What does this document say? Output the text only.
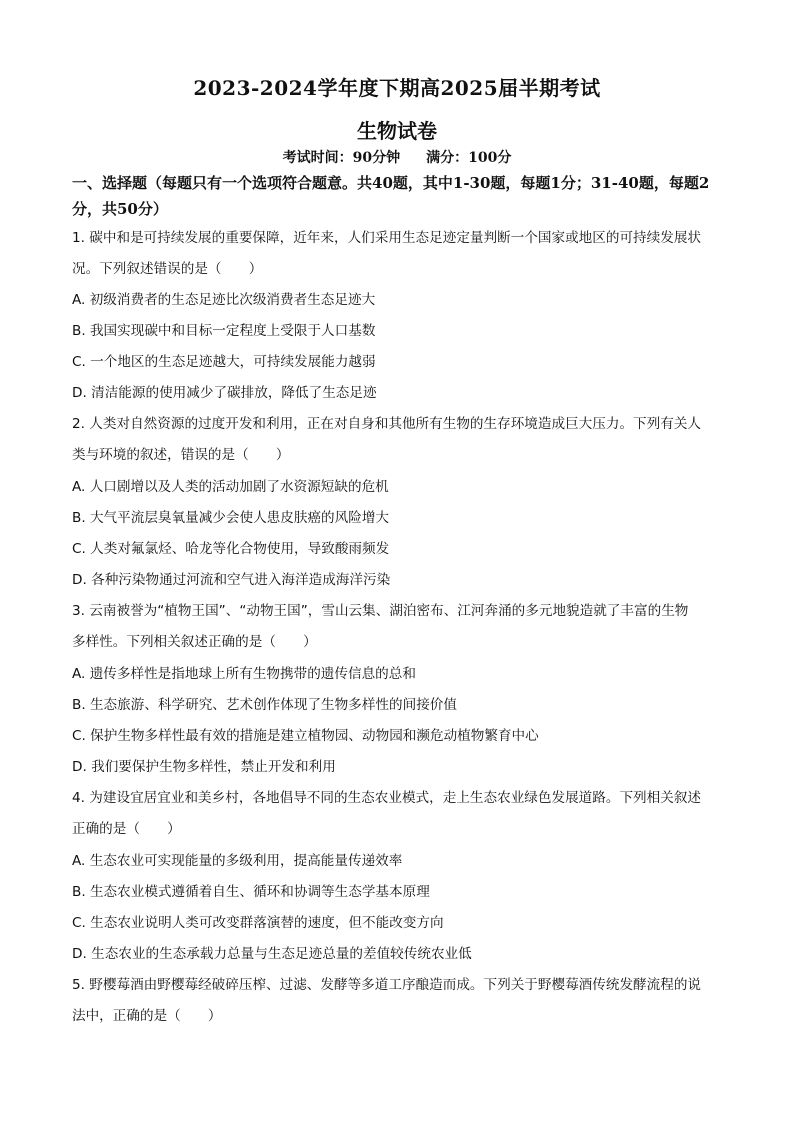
2023-2024学年度下期高2025届半期考试
生物试卷
考试时间：90分钟 满分：100分
一、选择题（每题只有一个选项符合题意。共40题，其中1-30题，每题1分；31-40题，每题2分，共50分）
1. 碳中和是可持续发展的重要保障，近年来，人们采用生态足迹定量判断一个国家或地区的可持续发展状
况。下列叙述错误的是（　　）
A. 初级消费者的生态足迹比次级消费者生态足迹大
B. 我国实现碳中和目标一定程度上受限于人口基数
C. 一个地区的生态足迹越大，可持续发展能力越弱
D. 清洁能源的使用减少了碳排放，降低了生态足迹
2. 人类对自然资源的过度开发和利用，正在对自身和其他所有生物的生存环境造成巨大压力。下列有关人
类与环境的叙述，错误的是（　　）
A. 人口剧增以及人类的活动加剧了水资源短缺的危机
B. 大气平流层臭氧量减少会使人患皮肤癌的风险增大
C. 人类对氟氯烃、哈龙等化合物使用，导致酸雨频发
D. 各种污染物通过河流和空气进入海洋造成海洋污染
3. 云南被誉为“植物王国”、“动物王国”，雪山云集、湖泊密布、江河奔涌的多元地貌造就了丰富的生物
多样性。下列相关叙述正确的是（　　）
A. 遗传多样性是指地球上所有生物携带的遗传信息的总和
B. 生态旅游、科学研究、艺术创作体现了生物多样性的间接价值
C. 保护生物多样性最有效的措施是建立植物园、动物园和濒危动植物繁育中心
D. 我们要保护生物多样性，禁止开发和利用
4. 为建设宜居宜业和美乡村，各地倡导不同的生态农业模式，走上生态农业绿色发展道路。下列相关叙述
正确的是（　　）
A. 生态农业可实现能量的多级利用，提高能量传递效率
B. 生态农业模式遵循着自生、循环和协调等生态学基本原理
C. 生态农业说明人类可改变群落演替的速度，但不能改变方向
D. 生态农业的生态承载力总量与生态足迹总量的差值较传统农业低
5. 野樱莓酒由野樱莓经破碎压榨、过滤、发酵等多道工序酿造而成。下列关于野樱莓酒传统发酵流程的说
法中，正确的是（　　）
